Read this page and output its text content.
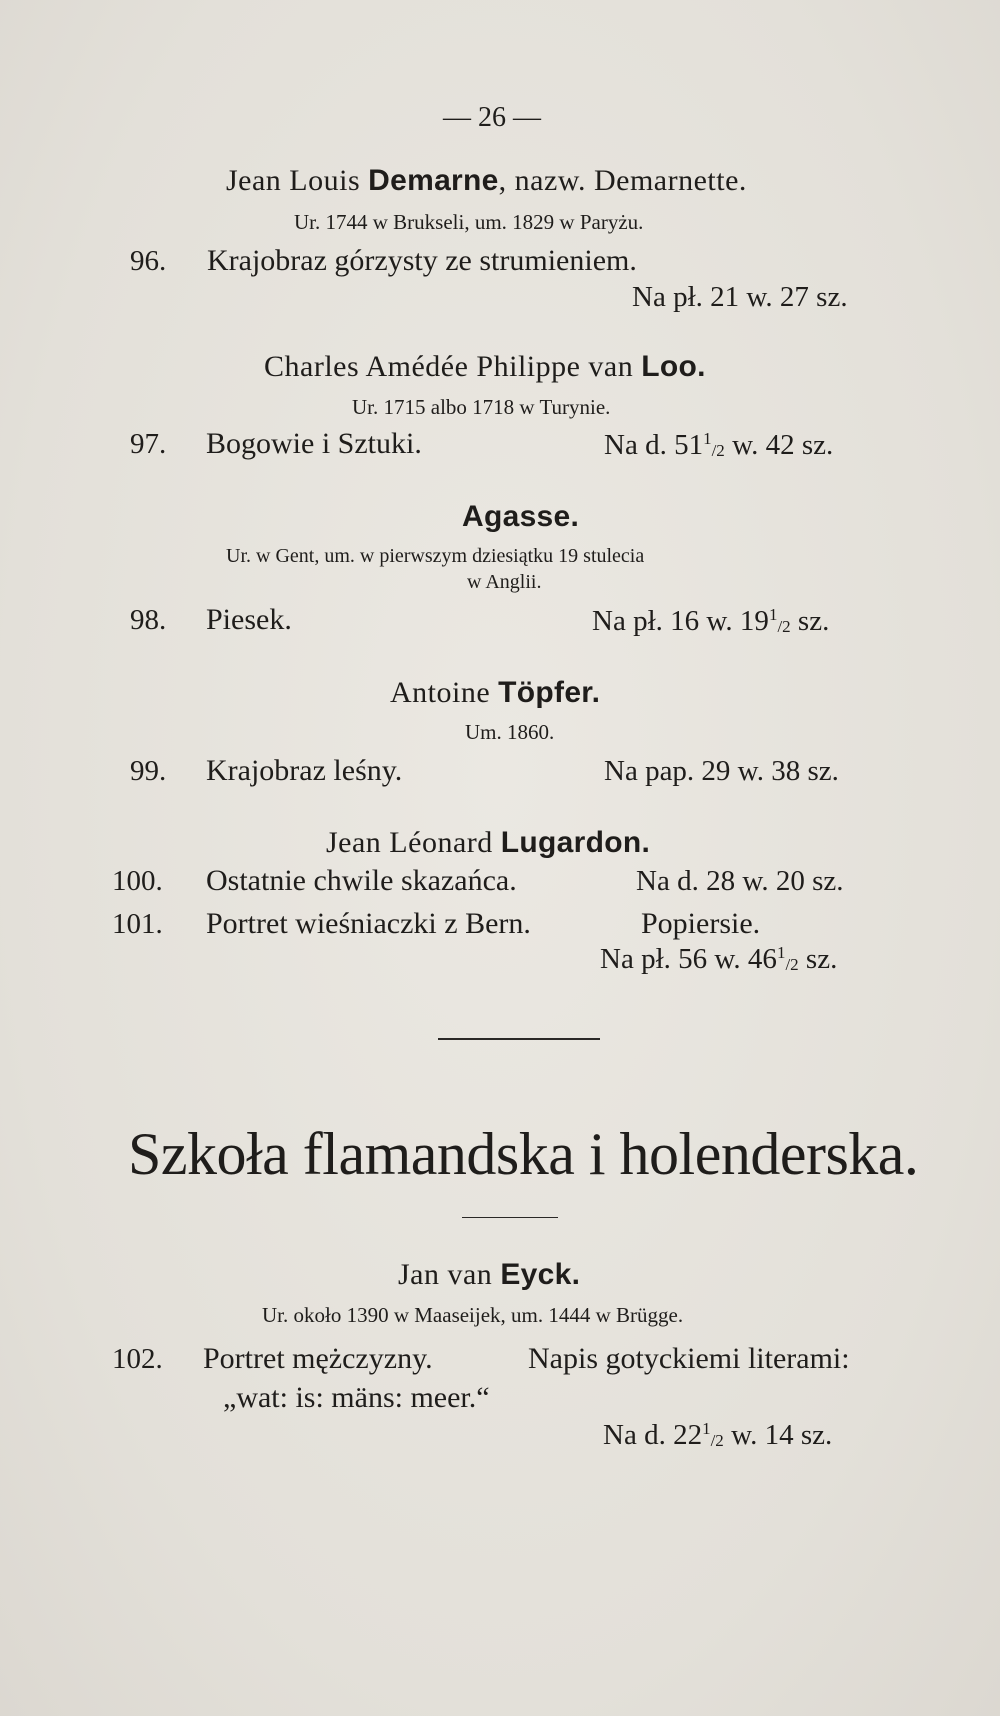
— 26 —
Jean Louis Demarne, nazw. Demarnette.
Ur. 1744 w Brukseli, um. 1829 w Paryżu.
96. Krajobraz górzysty ze strumieniem.
Na pł. 21 w. 27 sz.
Charles Amédée Philippe van Loo.
Ur. 1715 albo 1718 w Turynie.
97. Bogowie i Sztuki.	Na d. $51^1_{/2}$ w. 42 sz.
Agasse.
Ur. w Gent, um. w pierwszym dziesiątku 19 stulecia
w Anglii.
98. Piesek.	Na pł. 16 w. $19^1_{/2}$ sz.
Antoine Töpfer.
Um. 1860.
99. Krajobraz leśny.	Na pap. 29 w. 38 sz.
Jean Léonard Lugardon.
100. Ostatnie chwile skazańca.	Na d. 28 w. 20 sz.
101. Portret wieśniaczki z Bern.	Popiersie.
Na pł. 56 w. $46^1_{/2}$ sz.
Szkoła flamandska i holenderska.
Jan van Eyck.
Ur. około 1390 w Maaseijek, um. 1444 w Brügge.
102. Portret mężczyzny.	Napis gotyckiemi literami:
„wat: is: mäns: meer.“
Na d. $22^1_{/2}$ w. 14 sz.
